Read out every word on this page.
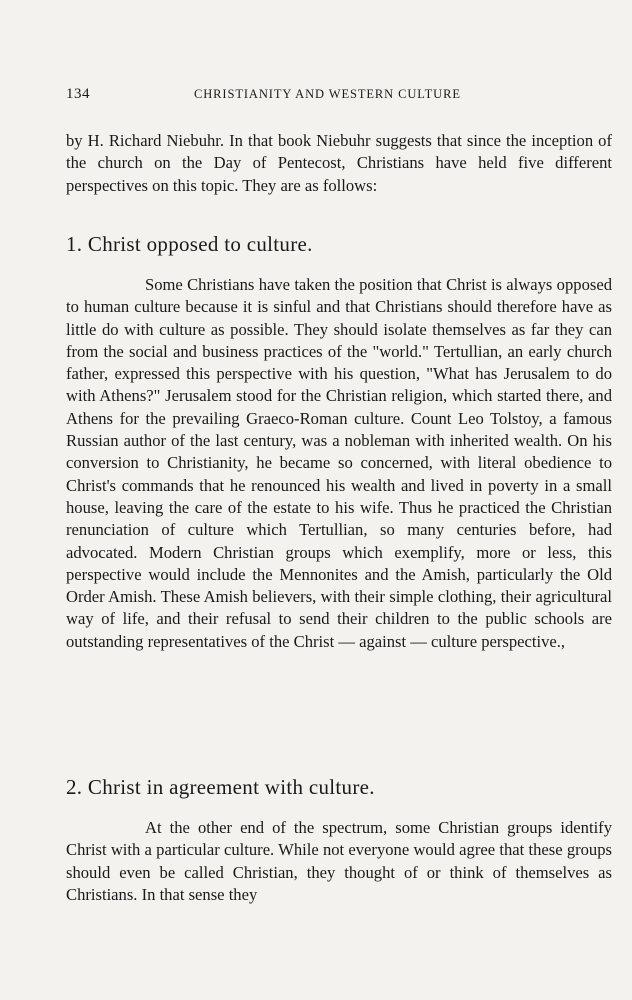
134	CHRISTIANITY AND WESTERN CULTURE

by H. Richard Niebuhr. In that book Niebuhr suggests that since the inception of the church on the Day of Pentecost, Christians have held five different perspectives on this topic. They are as follows:

1. Christ opposed to culture.

Some Christians have taken the position that Christ is always opposed to human culture because it is sinful and that Christians should therefore have as little do with culture as possible. They should isolate themselves as far they can from the social and business practices of the "world." Tertullian, an early church father, expressed this perspective with his question, "What has Jerusalem to do with Athens?" Jerusalem stood for the Christian religion, which started there, and Athens for the prevailing Graeco-Roman culture. Count Leo Tolstoy, a famous Russian author of the last century, was a nobleman with inherited wealth. On his conversion to Christianity, he became so concerned, with literal obedience to Christ's commands that he renounced his wealth and lived in poverty in a small house, leaving the care of the estate to his wife. Thus he practiced the Christian renunciation of culture which Tertullian, so many centuries before, had advocated. Modern Christian groups which exemplify, more or less, this perspective would include the Mennonites and the Amish, particularly the Old Order Amish. These Amish believers, with their simple clothing, their agricultural way of life, and their refusal to send their children to the public schools are outstanding representatives of the Christ — against — culture perspective.,

2. Christ in agreement with culture.

At the other end of the spectrum, some Christian groups identify Christ with a particular culture. While not everyone would agree that these groups should even be called Christian, they thought of or think of themselves as Christians. In that sense they
